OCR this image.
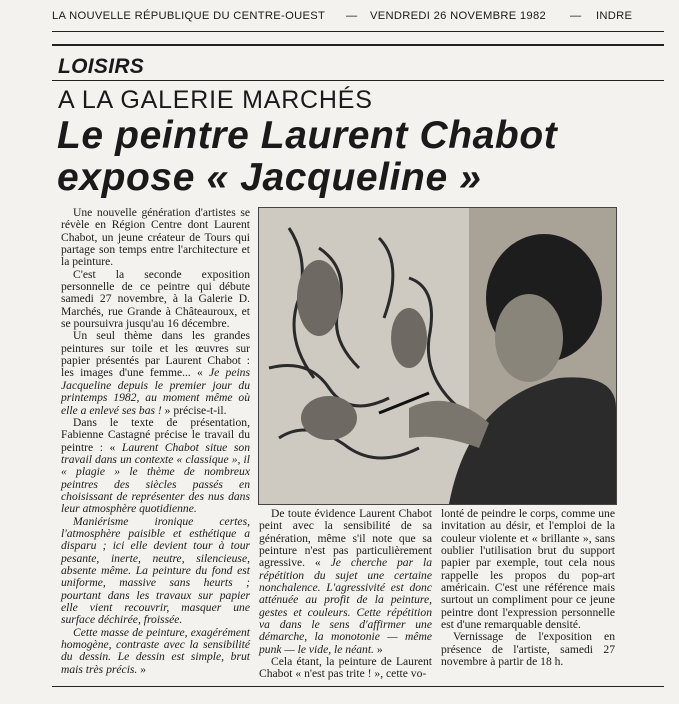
LA NOUVELLE RÉPUBLIQUE DU CENTRE-OUEST — VENDREDI 26 NOVEMBRE 1982 — INDRE
LOISIRS
A LA GALERIE MARCHÉS
Le peintre Laurent Chabot
expose « Jacqueline »

Une nouvelle génération d'artistes se révèle en Région Centre dont Laurent Chabot, un jeune créateur de Tours qui partage son temps entre l'architecture et la peinture.

C'est la seconde exposition personnelle de ce peintre qui débute samedi 27 novembre, à la Galerie D. Marchés, rue Grande à Châteauroux, et se poursuivra jusqu'au 16 décembre.

Un seul thème dans les grandes peintures sur toile et les œuvres sur papier présentés par Laurent Chabot : les images d'une femme... « Je peins Jacqueline depuis le premier jour du printemps 1982, au moment même où elle a enlevé ses bas ! » précise-t-il.

Dans le texte de présentation, Fabienne Castagné précise le travail du peintre : « Laurent Chabot situe son travail dans un contexte « classique », il « plagie » le thème de nombreux peintres des siècles passés en choisissant de représenter des nus dans leur atmosphère quotidienne.

Maniérisme ironique certes, l'atmosphère paisible et esthétique a disparu ; ici elle devient tour à tour pesante, inerte, neutre, silencieuse, absente même. La peinture du fond est uniforme, massive sans heurts ; pourtant dans les travaux sur papier elle vient recouvrir, masquer une surface déchirée, froissée.

Cette masse de peinture, exagérément homogène, contraste avec la sensibilité du dessin. Le dessin est simple, brut mais très précis. »

De toute évidence Laurent Chabot peint avec la sensibilité de sa génération, même s'il note que sa peinture n'est pas particulièrement agressive. « Je cherche par la répétition du sujet une certaine nonchalence. L'agressivité est donc atténuée au profit de la peinture, gestes et couleurs. Cette répétition va dans le sens d'affirmer une démarche, la monotonie — même punk — le vide, le néant. »

Cela étant, la peinture de Laurent Chabot « n'est pas trite ! », cette vo-

lonté de peindre le corps, comme une invitation au désir, et l'emploi de la couleur violente et « brillante », sans oublier l'utilisation brut du support papier par exemple, tout cela nous rappelle les propos du pop-art américain. C'est une référence mais surtout un compliment pour ce jeune peintre dont l'expression personnelle est d'une remarquable densité.

Vernissage de l'exposition en présence de l'artiste, samedi 27 novembre à partir de 18 h.
